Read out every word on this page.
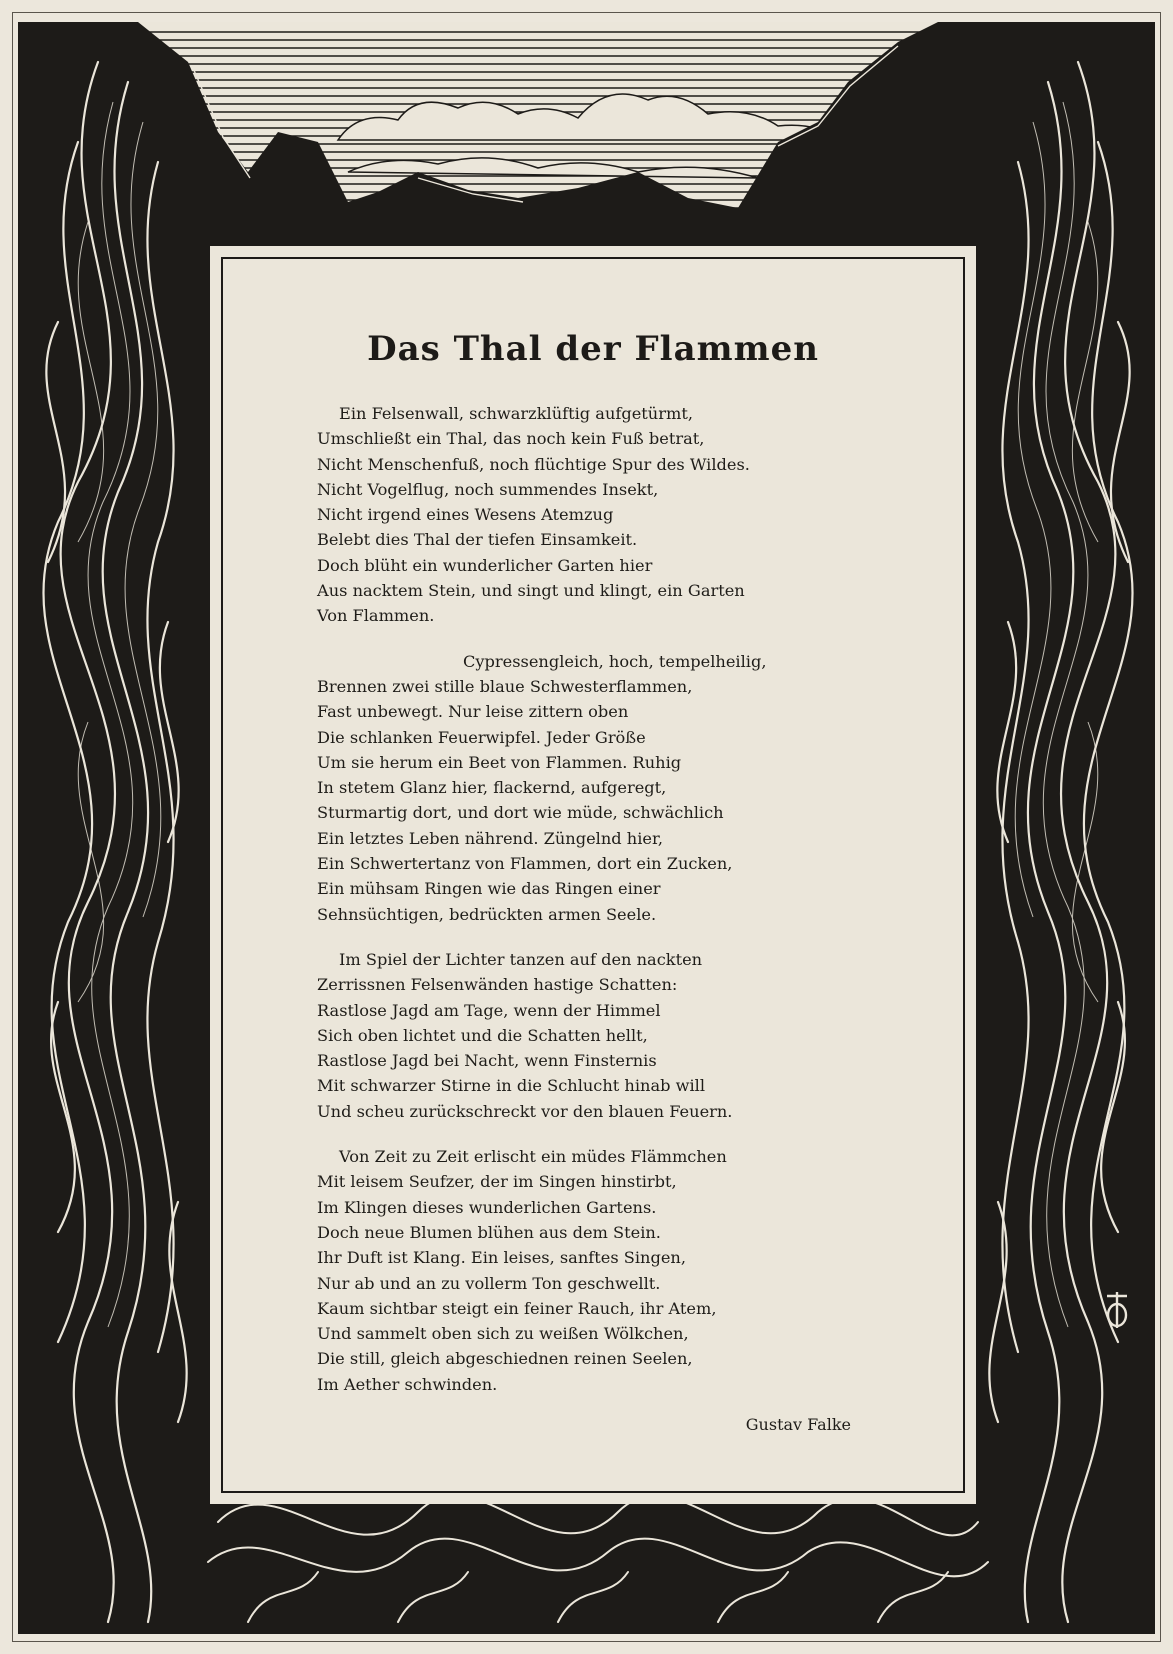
Das Thal der Flammen
Ein Felsenwall, schwarzklüftig aufgetürmt,
Umschließt ein Thal, das noch kein Fuß betrat,
Nicht Menschenfuß, noch flüchtige Spur des Wildes.
Nicht Vogelflug, noch summendes Insekt,
Nicht irgend eines Wesens Atemzug
Belebt dies Thal der tiefen Einsamkeit.
Doch blüht ein wunderlicher Garten hier
Aus nacktem Stein, und singt und klingt, ein Garten
Von Flammen.
Cypressengleich, hoch, tempelheilig,
Brennen zwei stille blaue Schwesterflammen,
Fast unbewegt. Nur leise zittern oben
Die schlanken Feuerwipfel. Jeder Größe
Um sie herum ein Beet von Flammen. Ruhig
In stetem Glanz hier, flackernd, aufgeregt,
Sturmartig dort, und dort wie müde, schwächlich
Ein letztes Leben nährend. Züngelnd hier,
Ein Schwertertanz von Flammen, dort ein Zucken,
Ein mühsam Ringen wie das Ringen einer
Sehnsüchtigen, bedrückten armen Seele.
Im Spiel der Lichter tanzen auf den nackten
Zerrissnen Felsenwänden hastige Schatten:
Rastlose Jagd am Tage, wenn der Himmel
Sich oben lichtet und die Schatten hellt,
Rastlose Jagd bei Nacht, wenn Finsternis
Mit schwarzer Stirne in die Schlucht hinab will
Und scheu zurückschreckt vor den blauen Feuern.
Von Zeit zu Zeit erlischt ein müdes Flämmchen
Mit leisem Seufzer, der im Singen hinstirbt,
Im Klingen dieses wunderlichen Gartens.
Doch neue Blumen blühen aus dem Stein.
Ihr Duft ist Klang. Ein leises, sanftes Singen,
Nur ab und an zu vollerm Ton geschwellt.
Kaum sichtbar steigt ein feiner Rauch, ihr Atem,
Und sammelt oben sich zu weißen Wölkchen,
Die still, gleich abgeschiednen reinen Seelen,
Im Aether schwinden.
Gustav Falke
